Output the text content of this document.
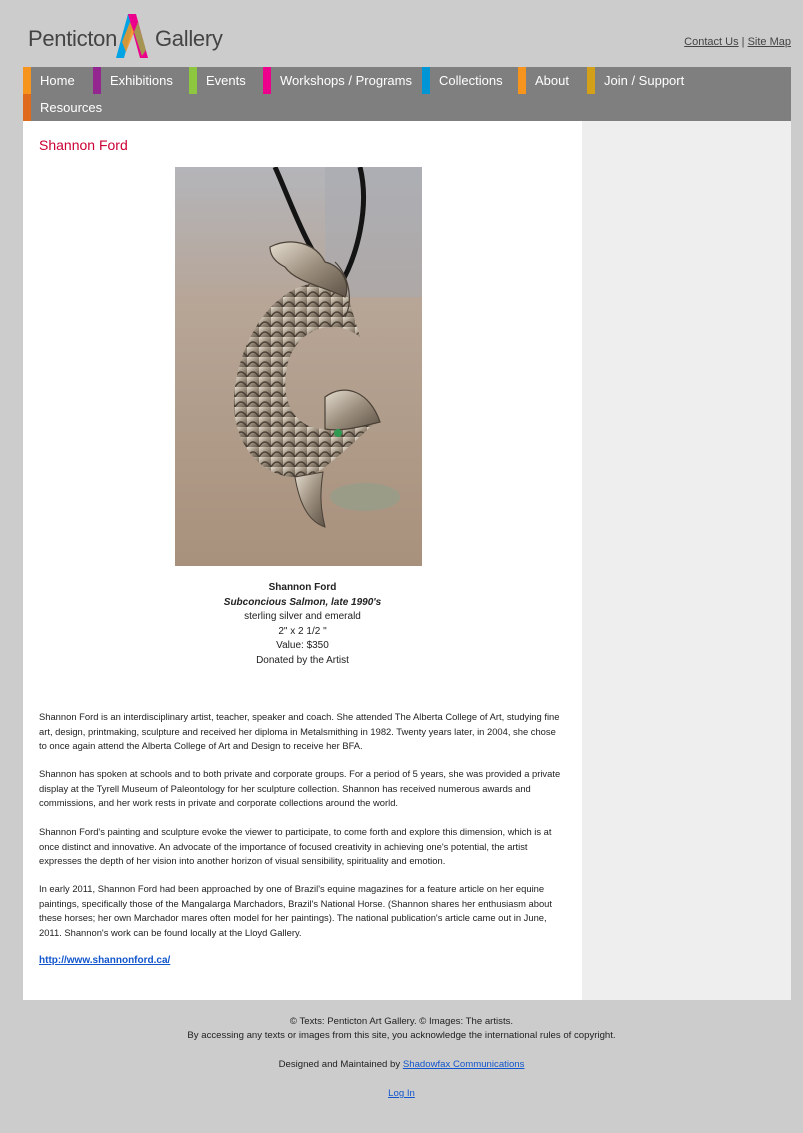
Penticton Gallery	Contact Us | Site Map
Home	Exhibitions	Events	Workshops / Programs	Collections	About	Join / Support
Resources
Shannon Ford
Shannon Ford
Subconcious Salmon, late 1990's
sterling silver and emerald
2" x 2 1/2 "
Value: $350
Donated by the Artist

Shannon Ford is an interdisciplinary artist, teacher, speaker and coach. She attended The Alberta College of Art, studying fine art, design, printmaking, sculpture and received her diploma in Metalsmithing in 1982. Twenty years later, in 2004, she chose to once again attend the Alberta College of Art and Design to receive her BFA.

Shannon has spoken at schools and to both private and corporate groups. For a period of 5 years, she was provided a private display at the Tyrell Museum of Paleontology for her sculpture collection. Shannon has received numerous awards and commissions, and her work rests in private and corporate collections around the world.

Shannon Ford's painting and sculpture evoke the viewer to participate, to come forth and explore this dimension, which is at once distinct and innovative. An advocate of the importance of focused creativity in achieving one's potential, the artist expresses the depth of her vision into another horizon of visual sensibility, spirituality and emotion.

In early 2011, Shannon Ford had been approached by one of Brazil's equine magazines for a feature article on her equine paintings, specifically those of the Mangalarga Marchadors, Brazil's National Horse. (Shannon shares her enthusiasm about these horses; her own Marchador mares often model for her paintings). The national publication's article came out in June, 2011. Shannon's work can be found locally at the Lloyd Gallery.

http://www.shannonford.ca/
© Texts: Penticton Art Gallery. © Images: The artists.
By accessing any texts or images from this site, you acknowledge the international rules of copyright.
Designed and Maintained by Shadowfax Communications
Log In
